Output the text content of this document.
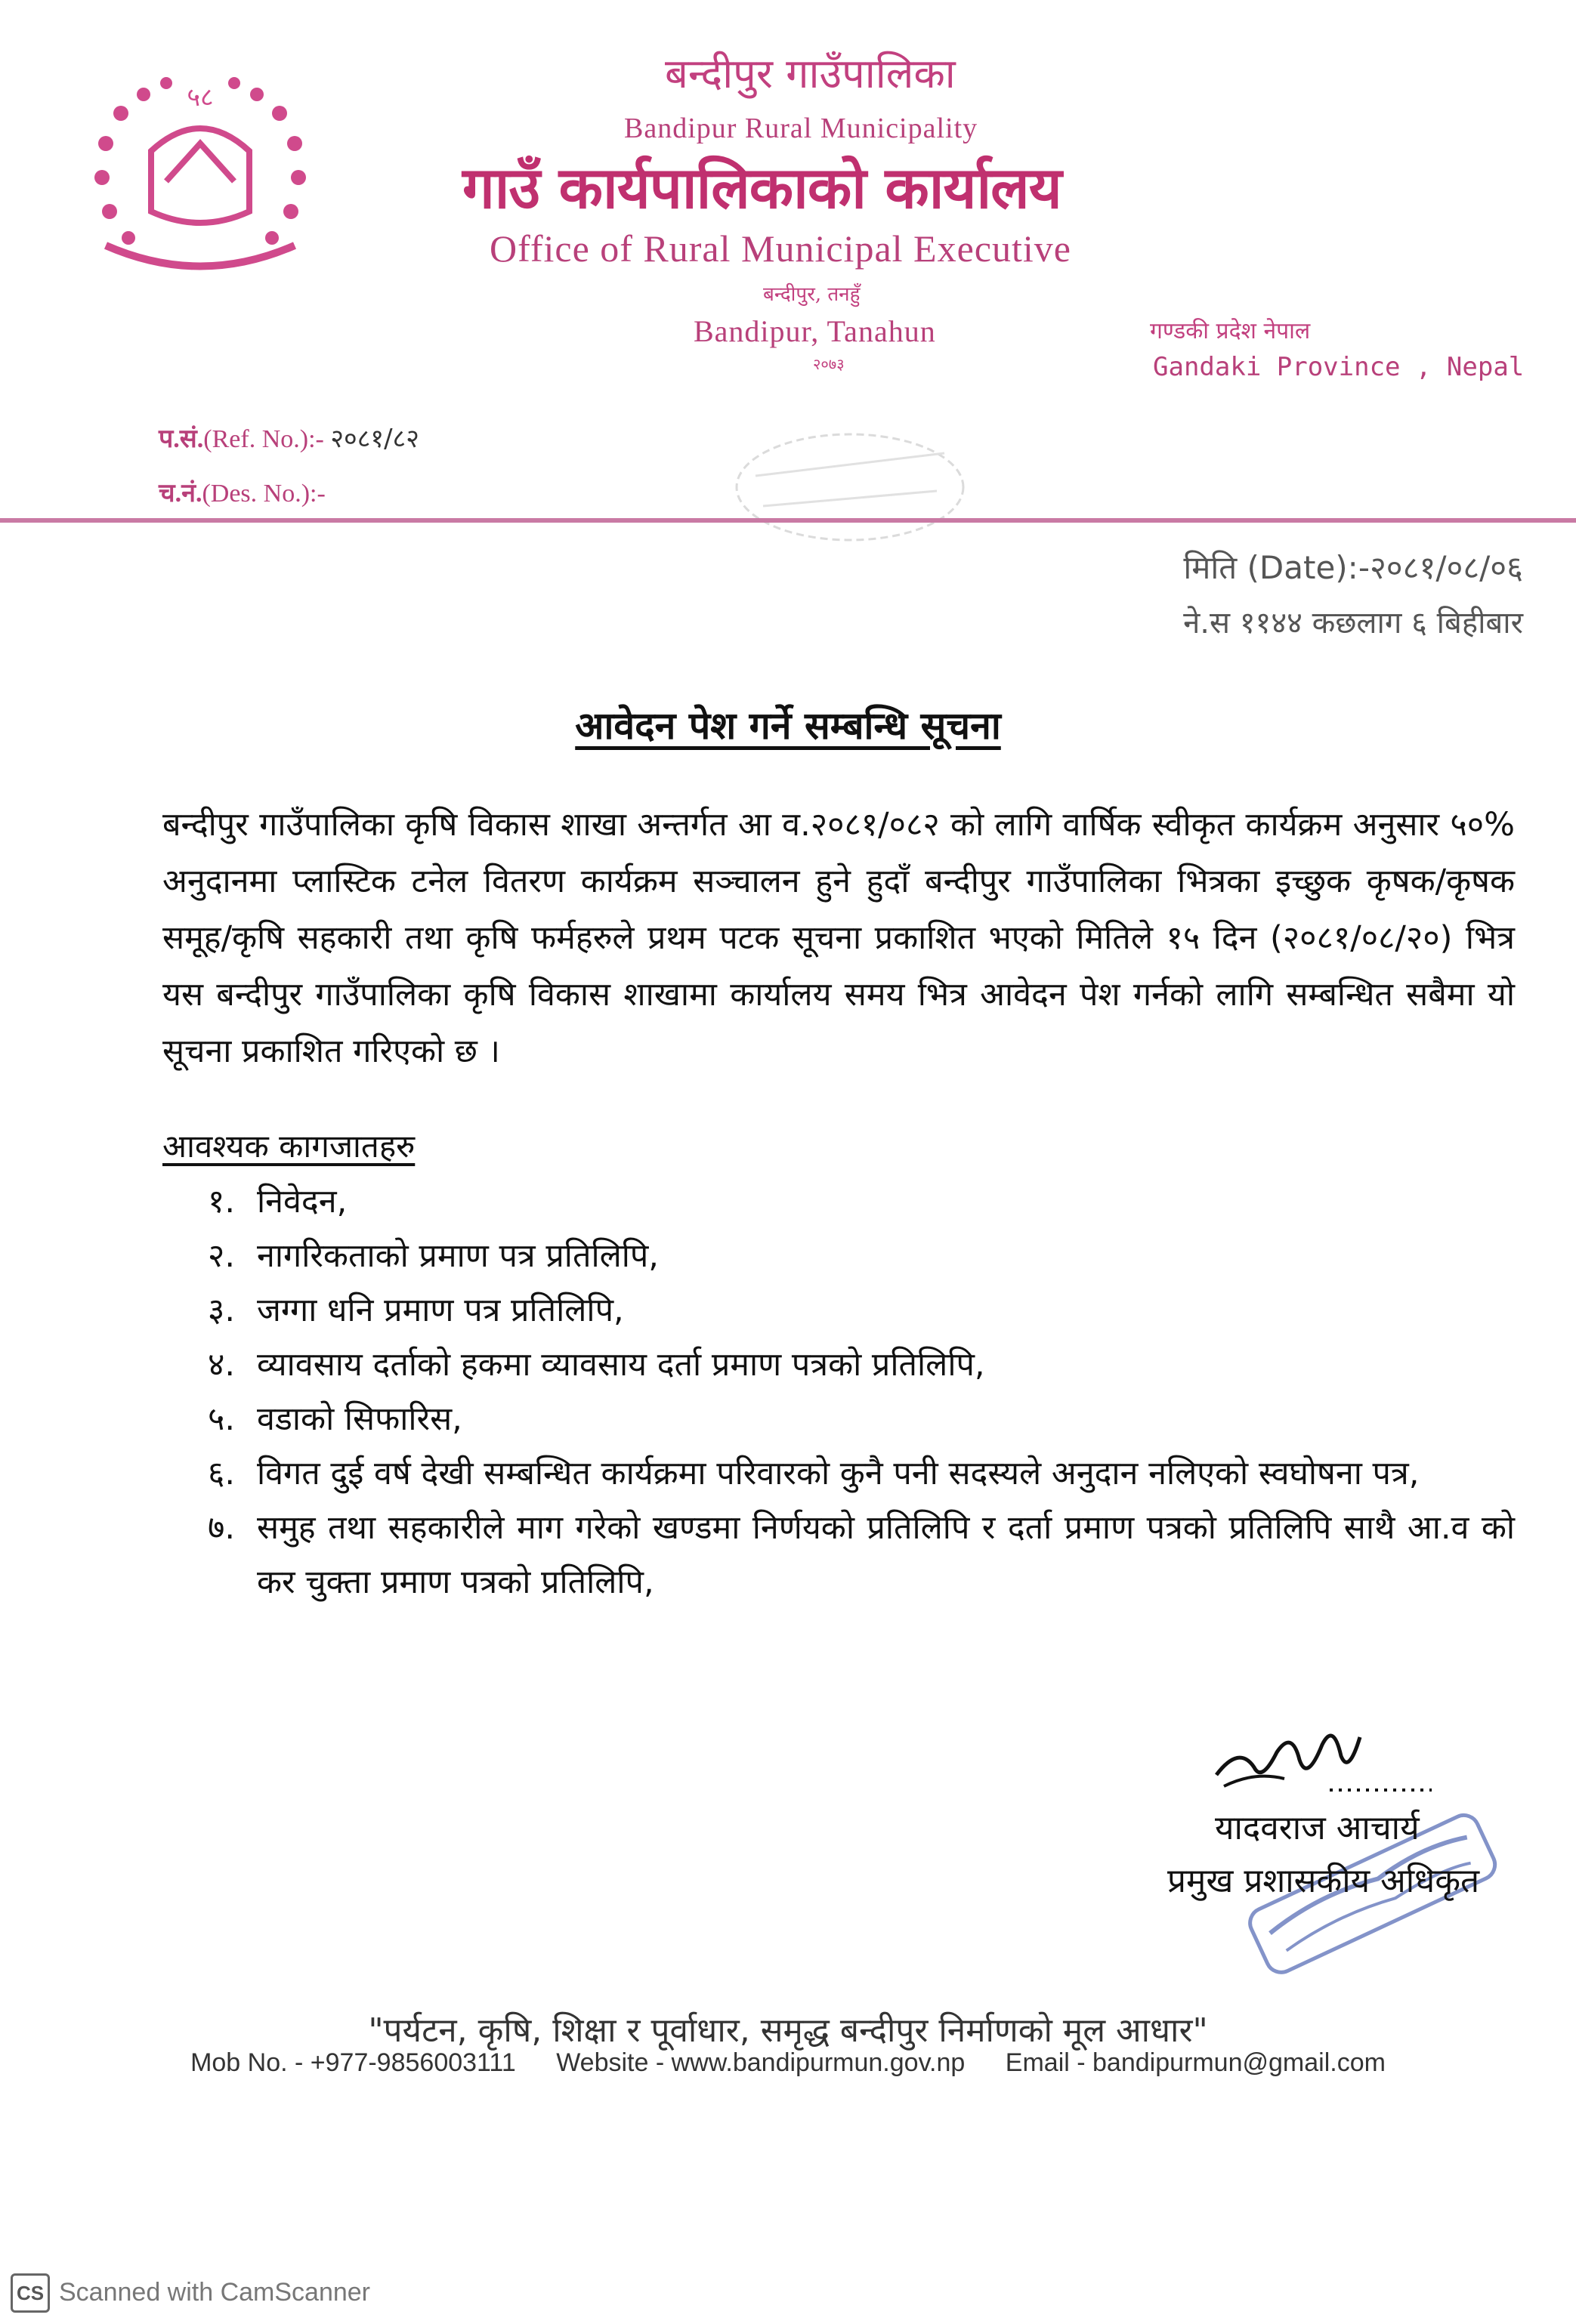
५८	बन्दीपुर गाउँपालिका
Bandipur Rural Municipality
गाउँ कार्यपालिकाको कार्यालय
Office of Rural Municipal Executive
बन्दीपुर, तनहुँ
Bandipur, Tanahun
२०७३
गण्डकी प्रदेश नेपाल
Gandaki Province , Nepal
प.सं.(Ref. No.):- २०८१/८२
च.नं.(Des. No.):-
मिति (Date):-२०८१/०८/०६
ने.स ११४४ कछलाग ६ बिहीबार
आवेदन पेश गर्ने सम्बन्धि सूचना
बन्दीपुर गाउँपालिका कृषि विकास शाखा अन्तर्गत आ व.२०८१/०८२ को लागि वार्षिक स्वीकृत कार्यक्रम अनुसार ५०% अनुदानमा प्लास्टिक टनेल वितरण कार्यक्रम सञ्चालन हुने हुदाँ बन्दीपुर गाउँपालिका भित्रका इच्छुक कृषक/कृषक समूह/कृषि सहकारी तथा कृषि फर्महरुले प्रथम पटक सूचना प्रकाशित भएको मितिले १५ दिन (२०८१/०८/२०) भित्र यस बन्दीपुर गाउँपालिका कृषि विकास शाखामा कार्यालय समय भित्र आवेदन पेश गर्नको लागि सम्बन्धित सबैमा यो सूचना प्रकाशित गरिएको छ ।
आवश्यक कागजातहरु
१. निवेदन,
२. नागरिकताको प्रमाण पत्र प्रतिलिपि,
३. जग्गा धनि प्रमाण पत्र प्रतिलिपि,
४. व्यावसाय दर्ताको हकमा व्यावसाय दर्ता प्रमाण पत्रको प्रतिलिपि,
५. वडाको सिफारिस,
६. विगत दुई वर्ष देखी सम्बन्धित कार्यक्रमा परिवारको कुनै पनी सदस्यले अनुदान नलिएको स्वघोषना पत्र,
७. समुह तथा सहकारीले माग गरेको खण्डमा निर्णयको प्रतिलिपि र दर्ता प्रमाण पत्रको प्रतिलिपि साथै आ.व को कर चुक्ता प्रमाण पत्रको प्रतिलिपि,
यादवराज आचार्य
प्रमुख प्रशासकीय अधिकृत
"पर्यटन, कृषि, शिक्षा र पूर्वाधार, समृद्ध बन्दीपुर निर्माणको मूल आधार"
Mob No. - +977-9856003111 Website - www.bandipurmun.gov.np Email - bandipurmun@gmail.com
CS Scanned with CamScanner
